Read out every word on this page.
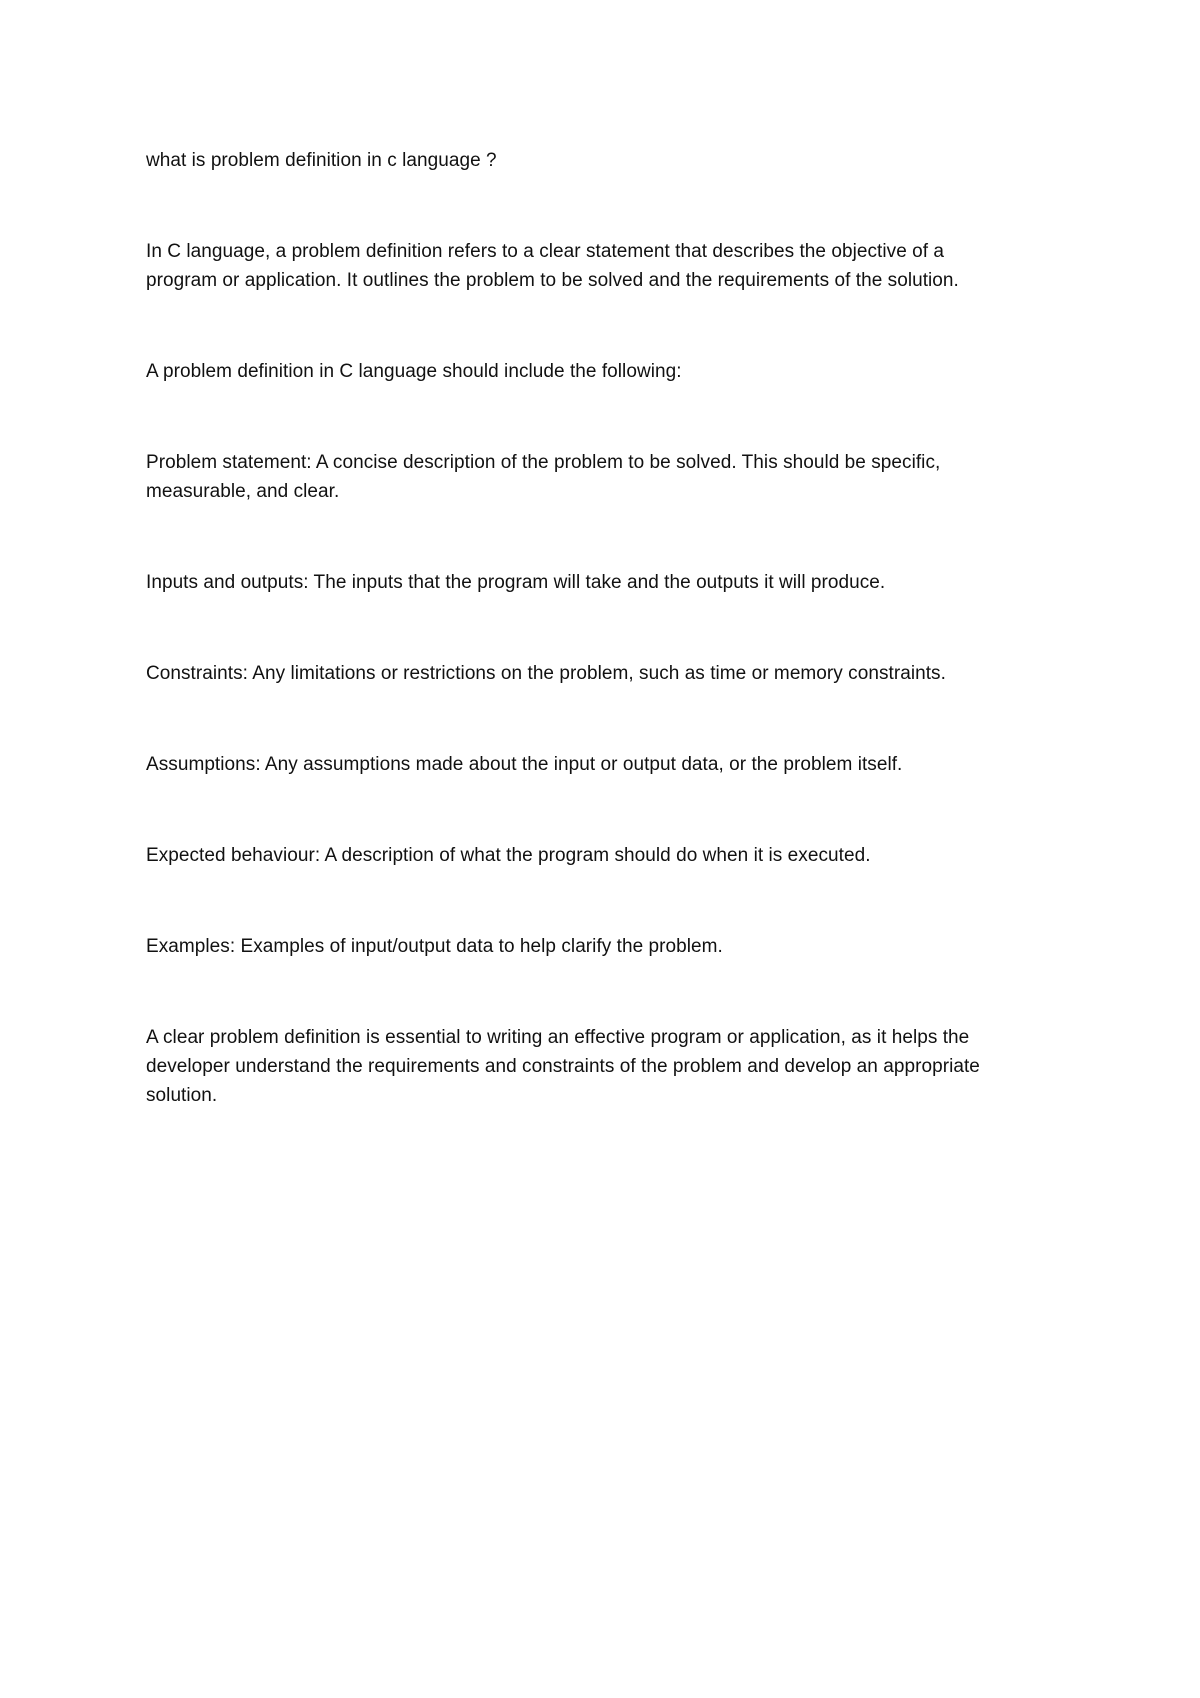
what is problem definition in c language ?

In C language, a problem definition refers to a clear statement that describes the objective of a
program or application. It outlines the problem to be solved and the requirements of the solution.

A problem definition in C language should include the following:

Problem statement: A concise description of the problem to be solved. This should be specific,
measurable, and clear.

Inputs and outputs: The inputs that the program will take and the outputs it will produce.

Constraints: Any limitations or restrictions on the problem, such as time or memory constraints.

Assumptions: Any assumptions made about the input or output data, or the problem itself.

Expected behaviour: A description of what the program should do when it is executed.

Examples: Examples of input/output data to help clarify the problem.

A clear problem definition is essential to writing an effective program or application, as it helps the
developer understand the requirements and constraints of the problem and develop an appropriate
solution.
